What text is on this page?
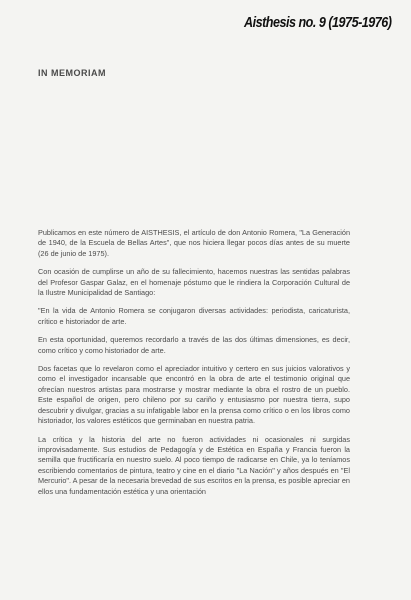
Aisthesis no. 9 (1975-1976)
IN MEMORIAM

Publicamos en este número de AISTHESIS, el artículo de don Antonio Romera, "La Generación de 1940, de la Escuela de Bellas Artes", que nos hiciera llegar pocos días antes de su muerte (26 de junio de 1975).

Con ocasión de cumplirse un año de su fallecimiento, hacemos nuestras las sentidas palabras del Profesor Gaspar Galaz, en el homenaje póstumo que le rindiera la Corporación Cultural de la Ilustre Municipalidad de Santiago:

"En la vida de Antonio Romera se conjugaron diversas actividades: periodista, caricaturista, crítico e historiador de arte.

En esta oportunidad, queremos recordarlo a través de las dos últimas dimensiones, es decir, como crítico y como historiador de arte.

Dos facetas que lo revelaron como el apreciador intuitivo y certero en sus juicios valorativos y como el investigador incansable que encontró en la obra de arte el testimonio original que ofrecían nuestros artistas para mostrarse y mostrar mediante la obra el rostro de un pueblo. Este español de origen, pero chileno por su cariño y entusiasmo por nuestra tierra, supo descubrir y divulgar, gracias a su infatigable labor en la prensa como crítico o en los libros como historiador, los valores estéticos que germinaban en nuestra patria.

La crítica y la historia del arte no fueron actividades ni ocasionales ni surgidas improvisadamente. Sus estudios de Pedagogía y de Estética en España y Francia fueron la semilla que fructificaría en nuestro suelo. Al poco tiempo de radicarse en Chile, ya lo teníamos escribiendo comentarios de pintura, teatro y cine en el diario "La Nación" y años después en "El Mercurio". A pesar de la necesaria brevedad de sus escritos en la prensa, es posible apreciar en ellos una fundamentación estética y una orientación
